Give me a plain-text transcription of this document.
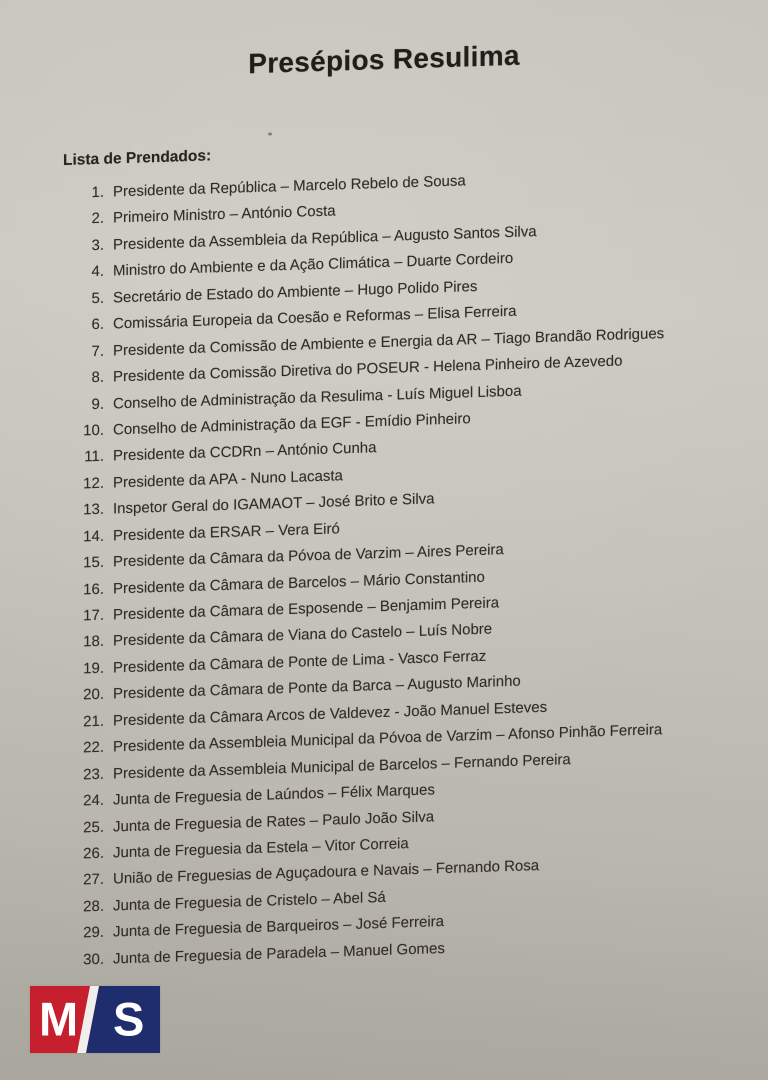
Presépios Resulima
Lista de Prendados:
1. Presidente da República – Marcelo Rebelo de Sousa
2. Primeiro Ministro – António Costa
3. Presidente da Assembleia da República – Augusto Santos Silva
4. Ministro do Ambiente e da Ação Climática – Duarte Cordeiro
5. Secretário de Estado do Ambiente – Hugo Polido Pires
6. Comissária Europeia da Coesão e Reformas – Elisa Ferreira
7. Presidente da Comissão de Ambiente e Energia da AR – Tiago Brandão Rodrigues
8. Presidente da Comissão Diretiva do POSEUR - Helena Pinheiro de Azevedo
9. Conselho de Administração da Resulima - Luís Miguel Lisboa
10. Conselho de Administração da EGF - Emídio Pinheiro
11. Presidente da CCDRn – António Cunha
12. Presidente da APA - Nuno Lacasta
13. Inspetor Geral do IGAMAOT – José Brito e Silva
14. Presidente da ERSAR – Vera Eiró
15. Presidente da Câmara da Póvoa de Varzim – Aires Pereira
16. Presidente da Câmara de Barcelos – Mário Constantino
17. Presidente da Câmara de Esposende – Benjamim Pereira
18. Presidente da Câmara de Viana do Castelo – Luís Nobre
19. Presidente da Câmara de Ponte de Lima - Vasco Ferraz
20. Presidente da Câmara de Ponte da Barca – Augusto Marinho
21. Presidente da Câmara Arcos de Valdevez - João Manuel Esteves
22. Presidente da Assembleia Municipal da Póvoa de Varzim – Afonso Pinhão Ferreira
23. Presidente da Assembleia Municipal de Barcelos – Fernando Pereira
24. Junta de Freguesia de Laúndos – Félix Marques
25. Junta de Freguesia de Rates – Paulo João Silva
26. Junta de Freguesia da Estela – Vitor Correia
27. União de Freguesias de Aguçadoura e Navais – Fernando Rosa
28. Junta de Freguesia de Cristelo – Abel Sá
29. Junta de Freguesia de Barqueiros – José Ferreira
30. Junta de Freguesia de Paradela – Manuel Gomes
M S
